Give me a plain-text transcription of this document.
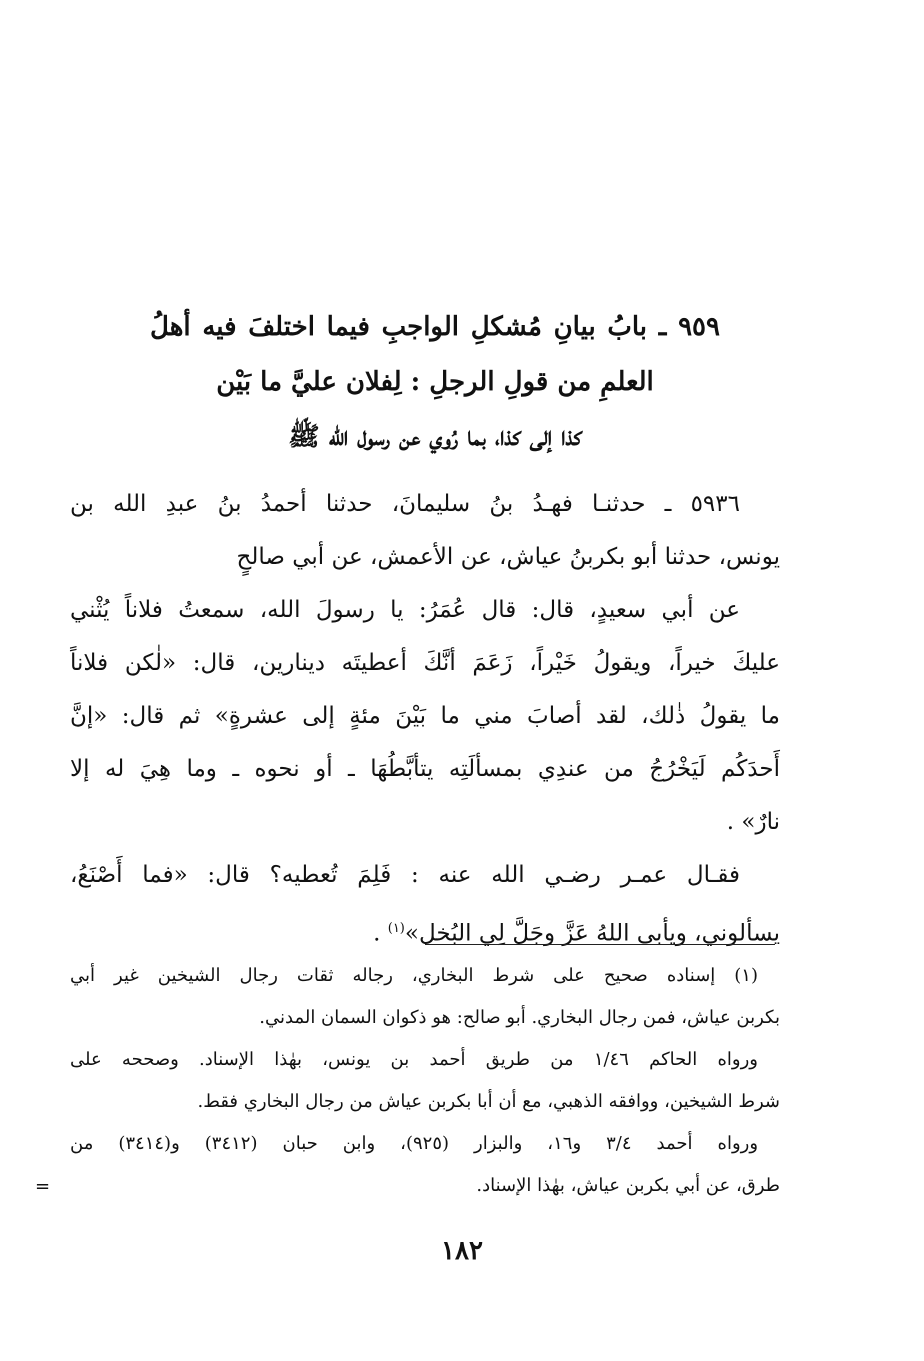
٩٥٩ ـ بابُ بيانِ مُشكلِ الواجبِ فيما اختلفَ فيه أهلُ
العلمِ من قولِ الرجلِ : لِفلان عليَّ ما بَيْن
كذا إلى كذا، بما رُوي عن رسول الله ﷺ
٥٩٣٦ ـ حدثنـا فهـدُ بنُ سليمانَ، حدثنا أحمدُ بنُ عبدِ الله بن
يونس، حدثنا أبو بكربنُ عياش، عن الأعمش، عن أبي صالحٍ
عن أبي سعيدٍ، قال: قال عُمَرُ: يا رسولَ الله، سمعتُ فلاناً يُثْني
عليكَ خيراً، ويقولُ خَيْراً، زَعَمَ أنَّكَ أعطيتَه دينارين، قال: «لٰكن فلاناً
ما يقولُ ذٰلك، لقد أصابَ مني ما بَيْنَ مئةٍ إلى عشرةٍ» ثم قال: «إنَّ
أَحدَكُم لَيَخْرُجُ من عندِي بمسألَتِه يتأبَّطُهَا ـ أو نحوه ـ وما هِيَ له إلا
نارٌ» .
فقـال عمـر رضـي الله عنه : فَلِمَ تُعطيه؟ قال: «فما أَصْنَعُ،
يسألوني، ويأبى اللهُ عَزَّ وجَلَّ لِي البُخل»$^{(١)}$ .
(١) إسناده صحيح على شرط البخاري، رجاله ثقات رجال الشيخين غير أبي
بكربن عياش، فمن رجال البخاري. أبو صالح: هو ذكوان السمان المدني.
ورواه الحاكم ١/٤٦ من طريق أحمد بن يونس، بهٰذا الإسناد. وصححه على
شرط الشيخين، ووافقه الذهبي، مع أن أبا بكربن عياش من رجال البخاري فقط.
ورواه أحمد ٣/٤ و١٦، والبزار (٩٢٥)، وابن حبان (٣٤١٢) و(٣٤١٤) من
طرق، عن أبي بكربن عياش، بهٰذا الإسناد.
=
١٨٢
